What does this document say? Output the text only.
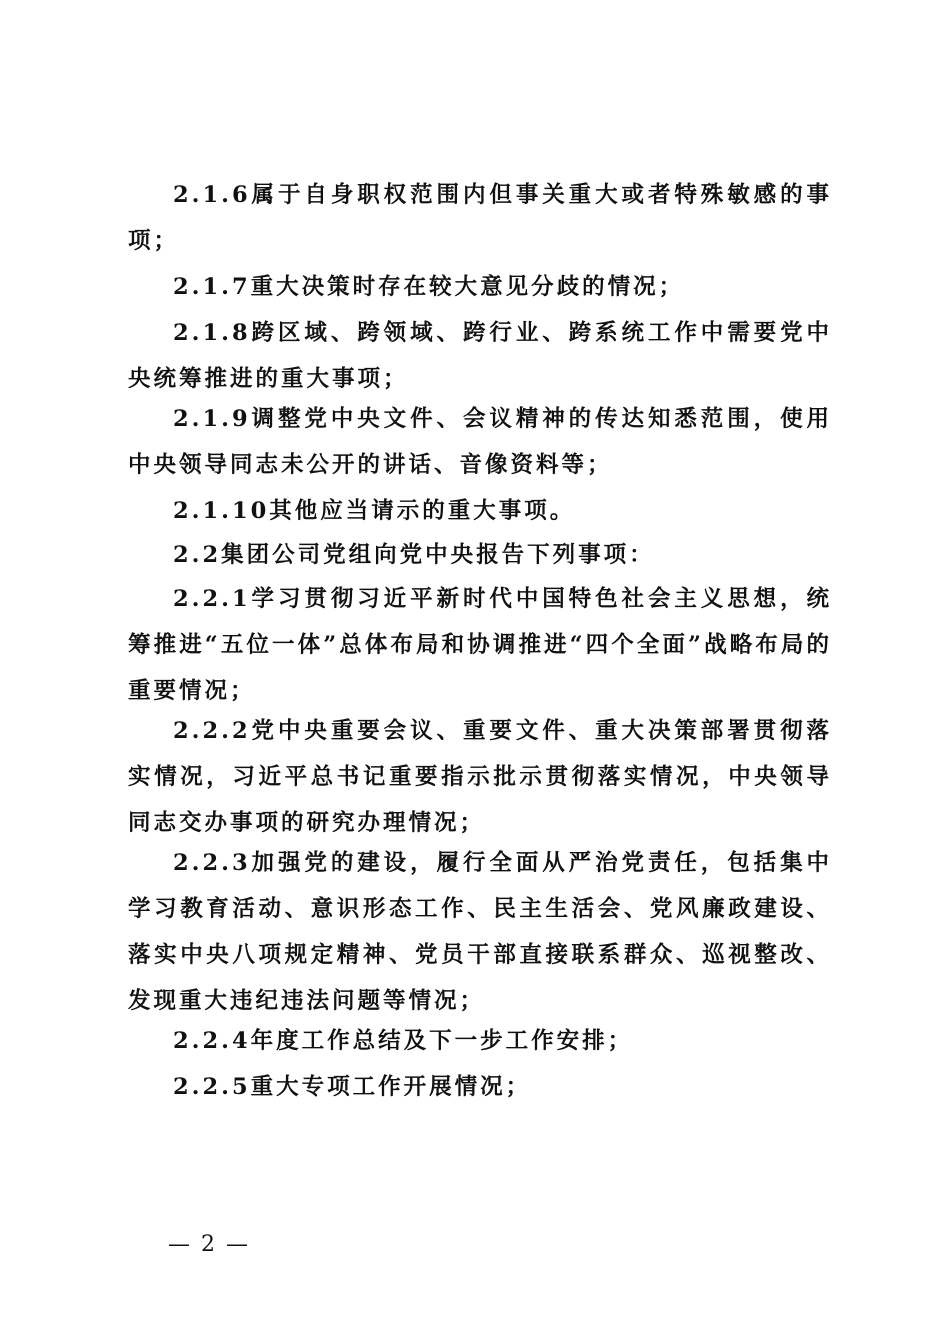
2.1.6属于自身职权范围内但事关重大或者特殊敏感的事项；

2.1.7重大决策时存在较大意见分歧的情况；

2.1.8跨区域、跨领域、跨行业、跨系统工作中需要党中央统筹推进的重大事项；

2.1.9调整党中央文件、会议精神的传达知悉范围，使用中央领导同志未公开的讲话、音像资料等；

2.1.10其他应当请示的重大事项。

2.2集团公司党组向党中央报告下列事项：

2.2.1学习贯彻习近平新时代中国特色社会主义思想，统筹推进“五位一体”总体布局和协调推进“四个全面”战略布局的重要情况；

2.2.2党中央重要会议、重要文件、重大决策部署贯彻落实情况，习近平总书记重要指示批示贯彻落实情况，中央领导同志交办事项的研究办理情况；

2.2.3加强党的建设，履行全面从严治党责任，包括集中学习教育活动、意识形态工作、民主生活会、党风廉政建设、落实中央八项规定精神、党员干部直接联系群众、巡视整改、发现重大违纪违法问题等情况；

2.2.4年度工作总结及下一步工作安排；

2.2.5重大专项工作开展情况；

— 2 —
